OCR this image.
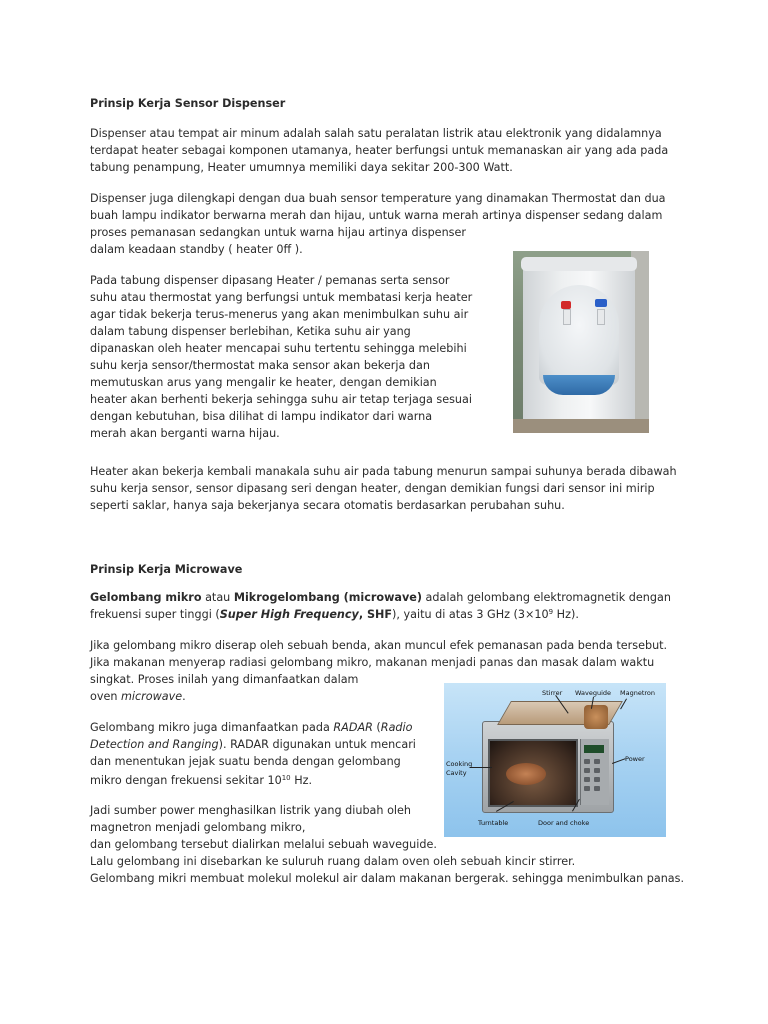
Prinsip Kerja Sensor Dispenser

Dispenser atau tempat air minum adalah salah satu peralatan listrik atau elektronik yang didalamnya

terdapat heater sebagai komponen utamanya, heater berfungsi untuk memanaskan air yang ada pada

tabung penampung, Heater umumnya memiliki daya sekitar 200-300 Watt.

Dispenser juga dilengkapi dengan dua buah sensor temperature yang dinamakan Thermostat dan dua

buah lampu indikator berwarna merah dan hijau, untuk warna merah artinya dispenser sedang dalam

proses pemanasan sedangkan untuk warna hijau artinya dispenser

dalam keadaan standby ( heater 0ff ).

Pada tabung dispenser dipasang Heater / pemanas serta sensor

suhu atau thermostat yang berfungsi untuk membatasi kerja heater

agar tidak bekerja terus-menerus yang akan menimbulkan suhu air

dalam tabung dispenser berlebihan, Ketika suhu air yang

dipanaskan oleh heater mencapai suhu tertentu sehingga melebihi

suhu kerja sensor/thermostat maka sensor akan bekerja dan

memutuskan arus yang mengalir ke heater, dengan demikian

heater akan berhenti bekerja sehingga suhu air tetap terjaga sesuai

dengan kebutuhan, bisa dilihat di lampu indikator dari warna

merah akan berganti warna hijau.

Heater akan bekerja kembali manakala suhu air pada tabung menurun sampai suhunya berada dibawah

suhu kerja sensor, sensor dipasang seri dengan heater, dengan demikian fungsi dari sensor ini mirip

seperti saklar, hanya saja bekerjanya secara otomatis berdasarkan perubahan suhu.

Prinsip Kerja Microwave

Gelombang mikro atau Mikrogelombang (microwave) adalah gelombang elektromagnetik dengan

frekuensi super tinggi (Super High Frequency, SHF), yaitu di atas 3 GHz ($3\times 10^9$ Hz).

Jika gelombang mikro diserap oleh sebuah benda, akan muncul efek pemanasan pada benda tersebut.

Jika makanan menyerap radiasi gelombang mikro, makanan menjadi panas dan masak dalam waktu

singkat. Proses inilah yang dimanfaatkan dalam

oven microwave.

Gelombang mikro juga dimanfaatkan pada RADAR (Radio

Detection and Ranging). RADAR digunakan untuk mencari

dan menentukan jejak suatu benda dengan gelombang

mikro dengan frekuensi sekitar $10^{10}$ Hz.

Jadi sumber power menghasilkan listrik yang diubah oleh

magnetron menjadi gelombang mikro,

dan gelombang tersebut dialirkan melalui sebuah waveguide.

Lalu gelombang ini disebarkan ke suluruh ruang dalam oven oleh sebuah kincir stirrer.

Gelombang mikri membuat molekul molekul air dalam makanan bergerak. sehingga menimbulkan panas.

Stirrer Waveguide Magnetron
Power
Cooking
Cavity
Turntable	Door and choke
